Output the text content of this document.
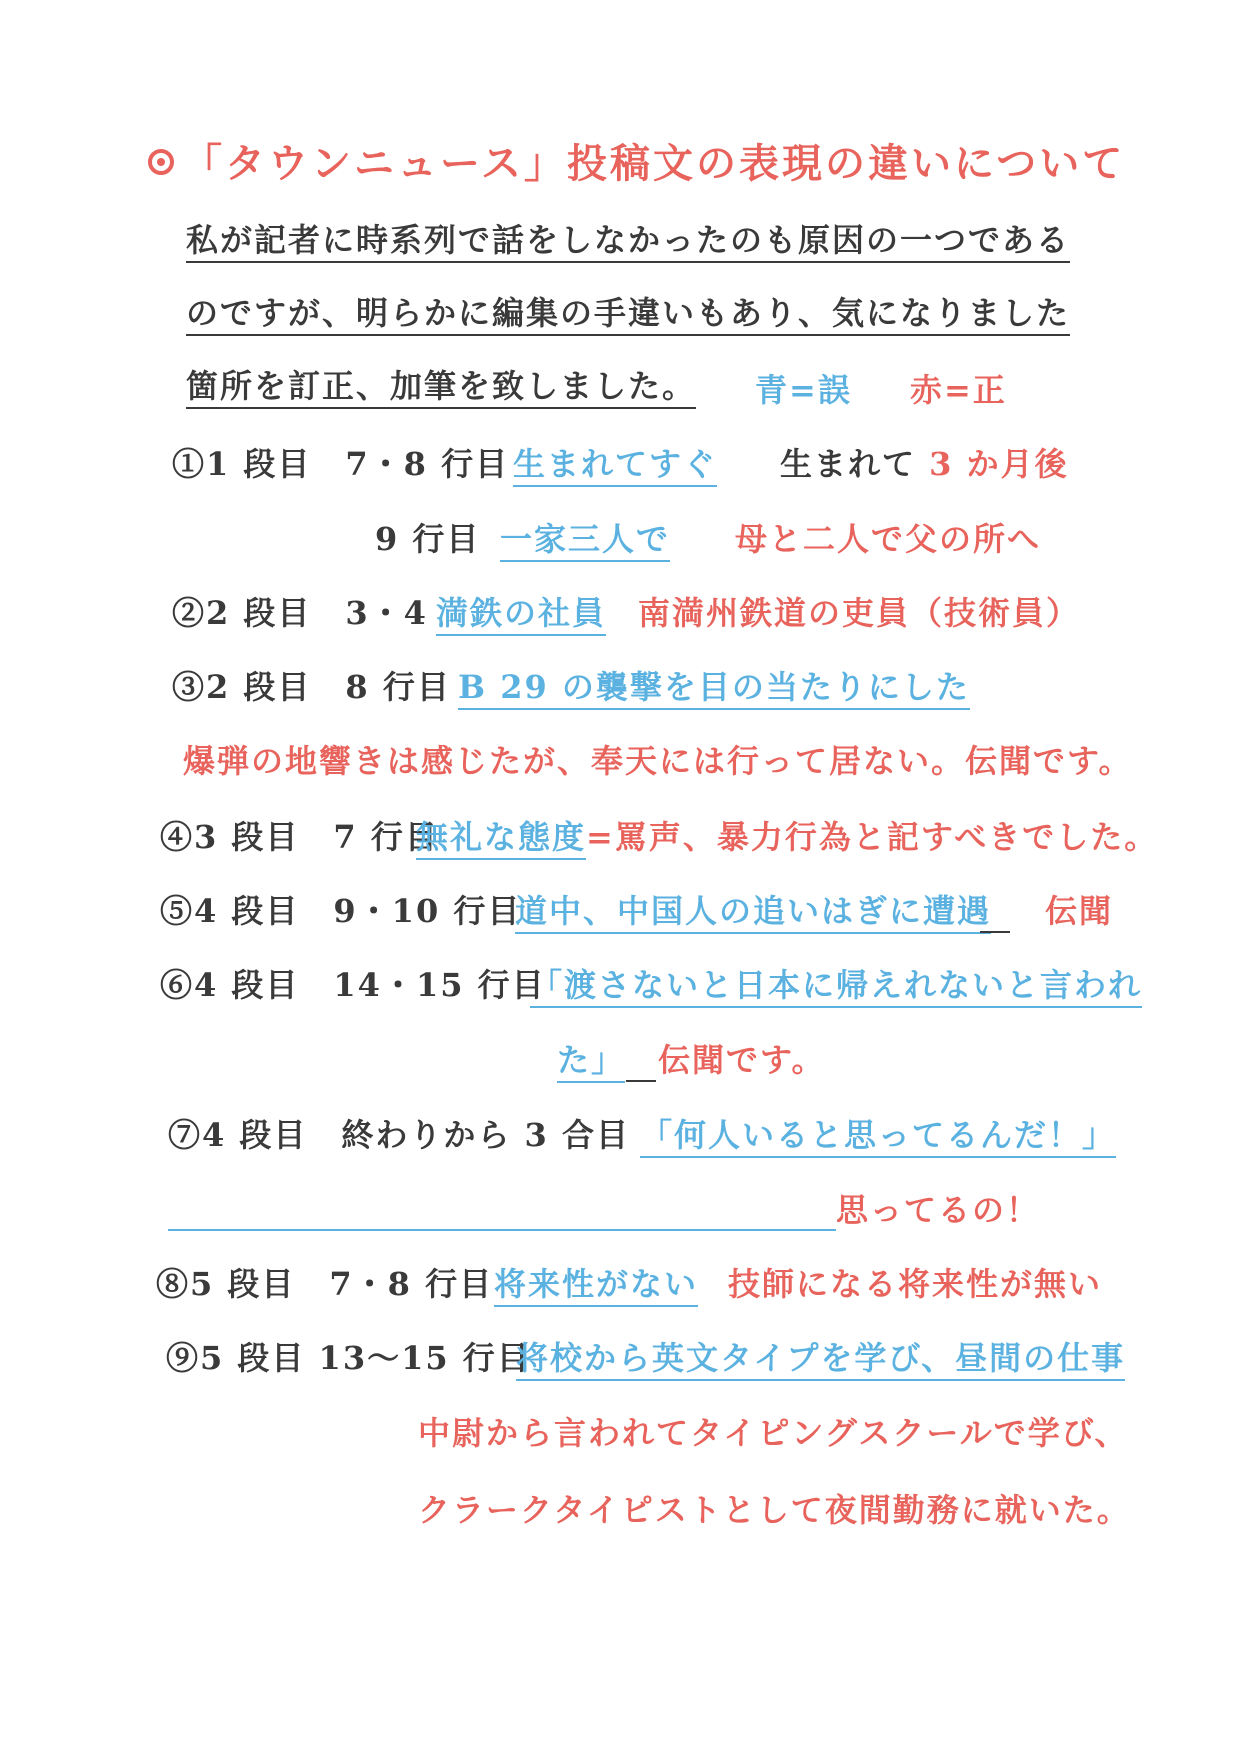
「タウンニュース」投稿文の表現の違いについて
私が記者に時系列で話をしなかったのも原因の一つである
のですが、明らかに編集の手違いもあり、気になりました
箇所を訂正、加筆を致しました。 青=誤 赤=正
①1 段目　7・8 行目 生まれてすぐ 生まれて 3 か月後
9 行目 一家三人で 母と二人で父の所へ
②2 段目　3・4 満鉄の社員 南満州鉄道の吏員（技術員）
③2 段目　8 行目 B 29 の襲撃を目の当たりにした
爆弾の地響きは感じたが、奉天には行って居ない。伝聞です。
④3 段目　7 行目
無礼な態度=罵声、暴力行為と記すべきでした。
⑤4 段目　9・10 行目
道中、中国人の追いはぎに遭遇 伝聞
⑥4 段目　14・15 行目
「渡さないと日本に帰えれないと言われ
た」 伝聞です。
⑦4 段目　終わりから 3 合目 「何人いると思ってるんだ！」
思ってるの！
⑧5 段目　7・8 行目 将来性がない 技師になる将来性が無い
⑨5 段目 13～15 行目
将校から英文タイプを学び、昼間の仕事
中尉から言われてタイピングスクールで学び、
クラークタイピストとして夜間勤務に就いた。
